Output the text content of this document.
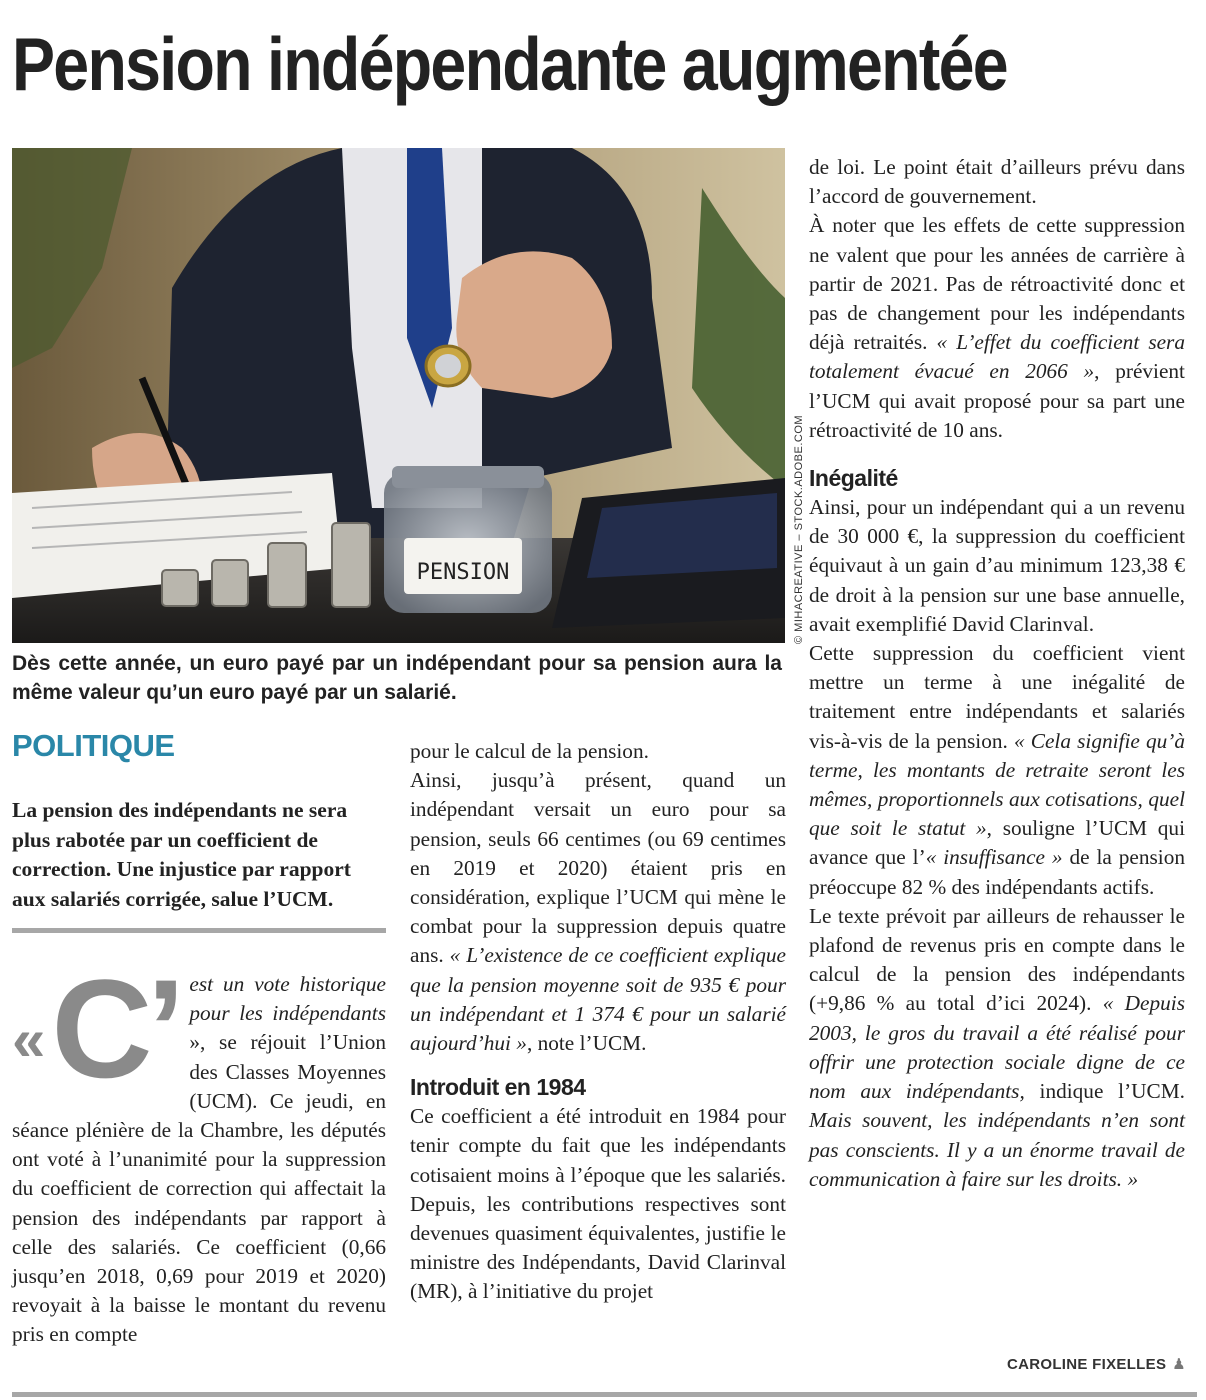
Pension indépendante augmentée
PENSION	© MIHACREATIVE – STOCK.ADOBE.COM
Dès cette année, un euro payé par un indépendant pour sa pension aura la même valeur qu’un euro payé par un salarié.
POLITIQUE
La pension des indépendants ne sera plus rabotée par un coefficient de correction. Une injustice par rapport aux salariés corrigée, salue l’UCM.

« C’ est un vote historique pour les indépendants », se réjouit l’Union des Classes Moyennes (UCM). Ce jeudi, en séance plénière de la Chambre, les députés ont voté à l’unanimité pour la suppression du coefficient de correction qui affectait la pension des indépendants par rapport à celle des salariés. Ce coefficient (0,66 jusqu’en 2018, 0,69 pour 2019 et 2020) revoyait à la baisse le montant du revenu pris en compte

pour le calcul de la pension.

Ainsi, jusqu’à présent, quand un indépendant versait un euro pour sa pension, seuls 66 centimes (ou 69 centimes en 2019 et 2020) étaient pris en considération, explique l’UCM qui mène le combat pour la suppression depuis quatre ans. « L’existence de ce coefficient explique que la pension moyenne soit de 935 € pour un indépendant et 1 374 € pour un salarié aujourd’hui », note l’UCM.

Introduit en 1984

Ce coefficient a été introduit en 1984 pour tenir compte du fait que les indépendants cotisaient moins à l’époque que les salariés. Depuis, les contributions respectives sont devenues quasiment équivalentes, justifie le ministre des Indépendants, David Clarinval (MR), à l’initiative du projet

de loi. Le point était d’ailleurs prévu dans l’accord de gouvernement.

À noter que les effets de cette suppression ne valent que pour les années de carrière à partir de 2021. Pas de rétroactivité donc et pas de changement pour les indépendants déjà retraités. « L’effet du coefficient sera totalement évacué en 2066 », prévient l’UCM qui avait proposé pour sa part une rétroactivité de 10 ans.

Inégalité

Ainsi, pour un indépendant qui a un revenu de 30 000 €, la suppression du coefficient équivaut à un gain d’au minimum 123,38 € de droit à la pension sur une base annuelle, avait exemplifié David Clarinval.

Cette suppression du coefficient vient mettre un terme à une inégalité de traitement entre indépendants et salariés vis-à-vis de la pension. « Cela signifie qu’à terme, les montants de retraite seront les mêmes, proportionnels aux cotisations, quel que soit le statut », souligne l’UCM qui avance que l’« insuffisance » de la pension préoccupe 82 % des indépendants actifs.

Le texte prévoit par ailleurs de rehausser le plafond de revenus pris en compte dans le calcul de la pension des indépendants (+9,86 % au total d’ici 2024). « Depuis 2003, le gros du travail a été réalisé pour offrir une protection sociale digne de ce nom aux indépendants, indique l’UCM. Mais souvent, les indépendants n’en sont pas conscients. Il y a un énorme travail de communication à faire sur les droits. »

CAROLINE FIXELLES ♟
